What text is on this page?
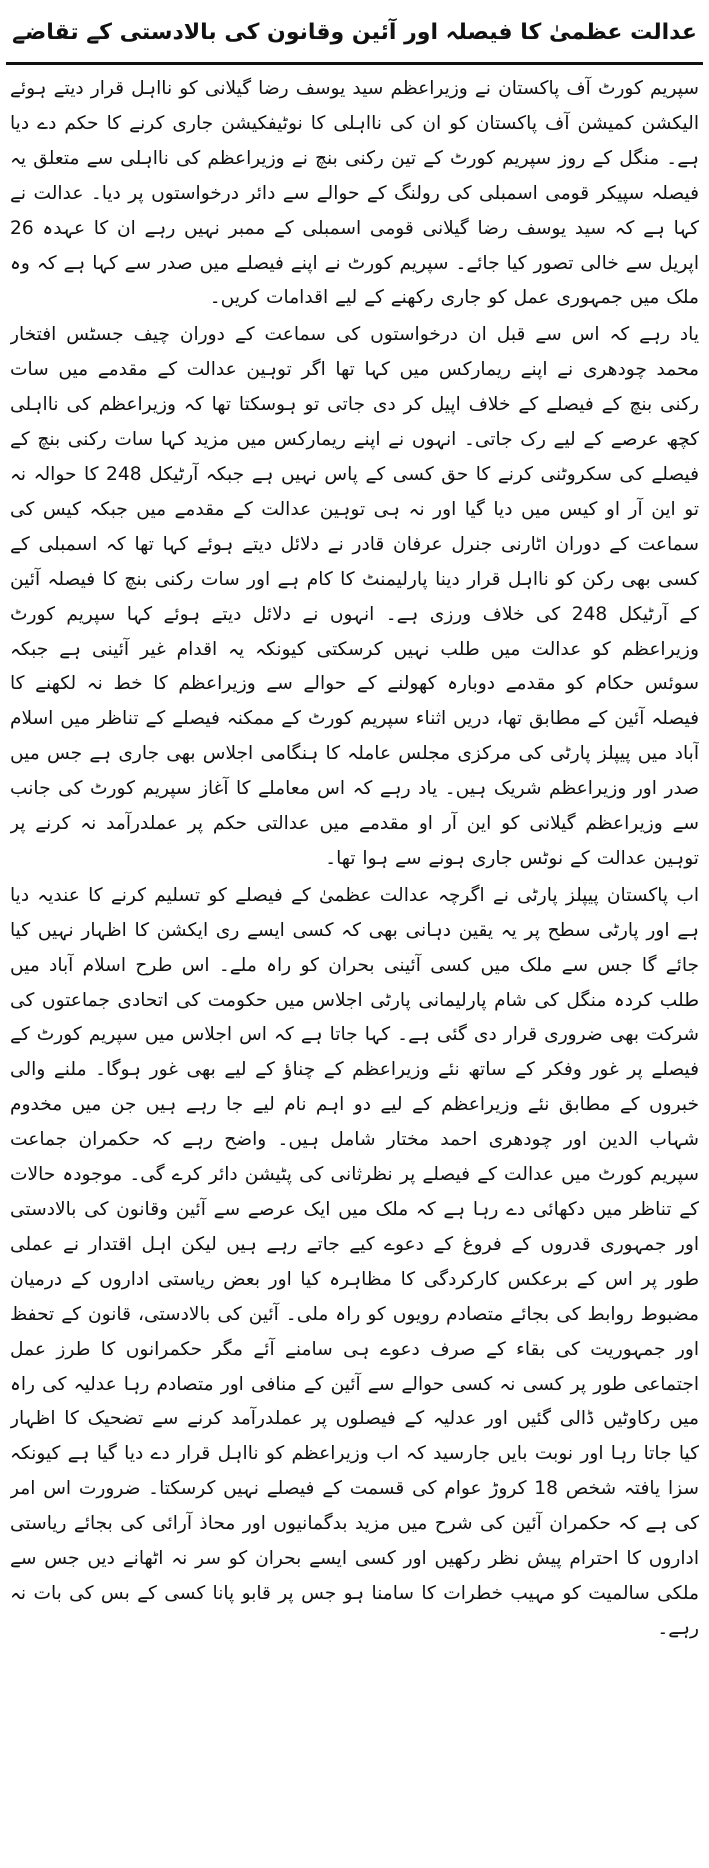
عدالت عظمیٰ کا فیصلہ اور آئین وقانون کی بالادستی کے تقاضے

سپریم کورٹ آف پاکستان نے وزیراعظم سید یوسف رضا گیلانی کو نااہل قرار دیتے ہوئے الیکشن کمیشن آف پاکستان کو ان کی نااہلی کا نوٹیفکیشن جاری کرنے کا حکم دے دیا ہے۔ منگل کے روز سپریم کورٹ کے تین رکنی بنچ نے وزیراعظم کی نااہلی سے متعلق یہ فیصلہ سپیکر قومی اسمبلی کی رولنگ کے حوالے سے دائر درخواستوں پر دیا۔ عدالت نے کہا ہے کہ سید یوسف رضا گیلانی قومی اسمبلی کے ممبر نہیں رہے ان کا عہدہ 26 اپریل سے خالی تصور کیا جائے۔ سپریم کورٹ نے اپنے فیصلے میں صدر سے کہا ہے کہ وہ ملک میں جمہوری عمل کو جاری رکھنے کے لیے اقدامات کریں۔

یاد رہے کہ اس سے قبل ان درخواستوں کی سماعت کے دوران چیف جسٹس افتخار محمد چودھری نے اپنے ریمارکس میں کہا تھا اگر توہین عدالت کے مقدمے میں سات رکنی بنچ کے فیصلے کے خلاف اپیل کر دی جاتی تو ہوسکتا تھا کہ وزیراعظم کی نااہلی کچھ عرصے کے لیے رک جاتی۔ انہوں نے اپنے ریمارکس میں مزید کہا سات رکنی بنچ کے فیصلے کی سکروٹنی کرنے کا حق کسی کے پاس نہیں ہے جبکہ آرٹیکل 248 کا حوالہ نہ تو این آر او کیس میں دیا گیا اور نہ ہی توہین عدالت کے مقدمے میں جبکہ کیس کی سماعت کے دوران اٹارنی جنرل عرفان قادر نے دلائل دیتے ہوئے کہا تھا کہ اسمبلی کے کسی بھی رکن کو نااہل قرار دینا پارلیمنٹ کا کام ہے اور سات رکنی بنچ کا فیصلہ آئین کے آرٹیکل 248 کی خلاف ورزی ہے۔ انہوں نے دلائل دیتے ہوئے کہا سپریم کورٹ وزیراعظم کو عدالت میں طلب نہیں کرسکتی کیونکہ یہ اقدام غیر آئینی ہے جبکہ سوئس حکام کو مقدمے دوبارہ کھولنے کے حوالے سے وزیراعظم کا خط نہ لکھنے کا فیصلہ آئین کے مطابق تھا، دریں اثناء سپریم کورٹ کے ممکنہ فیصلے کے تناظر میں اسلام آباد میں پیپلز پارٹی کی مرکزی مجلس عاملہ کا ہنگامی اجلاس بھی جاری ہے جس میں صدر اور وزیراعظم شریک ہیں۔ یاد رہے کہ اس معاملے کا آغاز سپریم کورٹ کی جانب سے وزیراعظم گیلانی کو این آر او مقدمے میں عدالتی حکم پر عملدرآمد نہ کرنے پر توہین عدالت کے نوٹس جاری ہونے سے ہوا تھا۔

اب پاکستان پیپلز پارٹی نے اگرچہ عدالت عظمیٰ کے فیصلے کو تسلیم کرنے کا عندیہ دیا ہے اور پارٹی سطح پر یہ یقین دہانی بھی کہ کسی ایسے ری ایکشن کا اظہار نہیں کیا جائے گا جس سے ملک میں کسی آئینی بحران کو راہ ملے۔ اس طرح اسلام آباد میں طلب کردہ منگل کی شام پارلیمانی پارٹی اجلاس میں حکومت کی اتحادی جماعتوں کی شرکت بھی ضروری قرار دی گئی ہے۔ کہا جاتا ہے کہ اس اجلاس میں سپریم کورٹ کے فیصلے پر غور وفکر کے ساتھ نئے وزیراعظم کے چناؤ کے لیے بھی غور ہوگا۔ ملنے والی خبروں کے مطابق نئے وزیراعظم کے لیے دو اہم نام لیے جا رہے ہیں جن میں مخدوم شہاب الدین اور چودھری احمد مختار شامل ہیں۔ واضح رہے کہ حکمران جماعت سپریم کورٹ میں عدالت کے فیصلے پر نظرثانی کی پٹیشن دائر کرے گی۔ موجودہ حالات کے تناظر میں دکھائی دے رہا ہے کہ ملک میں ایک عرصے سے آئین وقانون کی بالادستی اور جمہوری قدروں کے فروغ کے دعوے کیے جاتے رہے ہیں لیکن اہل اقتدار نے عملی طور پر اس کے برعکس کارکردگی کا مظاہرہ کیا اور بعض ریاستی اداروں کے درمیان مضبوط روابط کی بجائے متصادم رویوں کو راہ ملی۔ آئین کی بالادستی، قانون کے تحفظ اور جمہوریت کی بقاء کے صرف دعوے ہی سامنے آئے مگر حکمرانوں کا طرز عمل اجتماعی طور پر کسی نہ کسی حوالے سے آئین کے منافی اور متصادم رہا عدلیہ کی راہ میں رکاوٹیں ڈالی گئیں اور عدلیہ کے فیصلوں پر عملدرآمد کرنے سے تضحیک کا اظہار کیا جاتا رہا اور نوبت بایں جارسید کہ اب وزیراعظم کو نااہل قرار دے دیا گیا ہے کیونکہ سزا یافتہ شخص 18 کروڑ عوام کی قسمت کے فیصلے نہیں کرسکتا۔ ضرورت اس امر کی ہے کہ حکمران آئین کی شرح میں مزید بدگمانیوں اور محاذ آرائی کی بجائے ریاستی اداروں کا احترام پیش نظر رکھیں اور کسی ایسے بحران کو سر نہ اٹھانے دیں جس سے ملکی سالمیت کو مہیب خطرات کا سامنا ہو جس پر قابو پانا کسی کے بس کی بات نہ رہے۔
